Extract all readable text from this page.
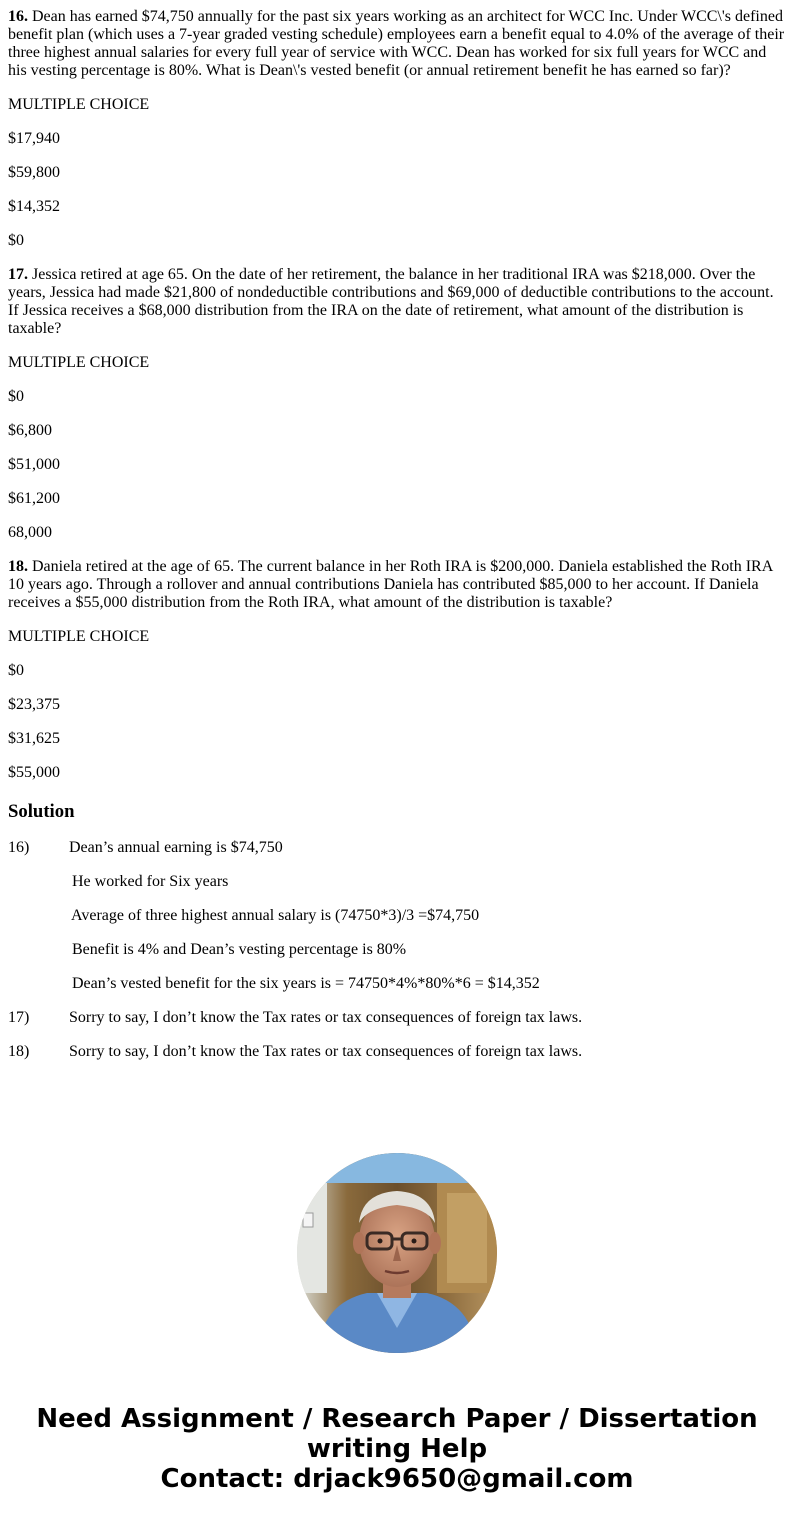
16. Dean has earned $74,750 annually for the past six years working as an architect for WCC Inc. Under WCC\'s defined benefit plan (which uses a 7-year graded vesting schedule) employees earn a benefit equal to 4.0% of the average of their three highest annual salaries for every full year of service with WCC. Dean has worked for six full years for WCC and his vesting percentage is 80%. What is Dean\'s vested benefit (or annual retirement benefit he has earned so far)?

MULTIPLE CHOICE

$17,940

$59,800

$14,352

$0

17. Jessica retired at age 65. On the date of her retirement, the balance in her traditional IRA was $218,000. Over the years, Jessica had made $21,800 of nondeductible contributions and $69,000 of deductible contributions to the account. If Jessica receives a $68,000 distribution from the IRA on the date of retirement, what amount of the distribution is taxable?

MULTIPLE CHOICE

$0

$6,800

$51,000

$61,200

68,000

18. Daniela retired at the age of 65. The current balance in her Roth IRA is $200,000. Daniela established the Roth IRA 10 years ago. Through a rollover and annual contributions Daniela has contributed $85,000 to her account. If Daniela receives a $55,000 distribution from the Roth IRA, what amount of the distribution is taxable?

MULTIPLE CHOICE

$0

$23,375

$31,625

$55,000

Solution

16)

Dean’s annual earning is $74,750

He worked for Six years

Average of three highest annual salary is (74750*3)/3 =$74,750

Benefit is 4% and Dean’s vesting percentage is 80%

Dean’s vested benefit for the six years is = 74750*4%*80%*6 = $14,352

17)

Sorry to say, I don’t know the Tax rates or tax consequences of foreign tax laws.

18)

Sorry to say, I don’t know the Tax rates or tax consequences of foreign tax laws.

Need Assignment / Research Paper / Dissertation
writing Help
Contact: drjack9650@gmail.com
